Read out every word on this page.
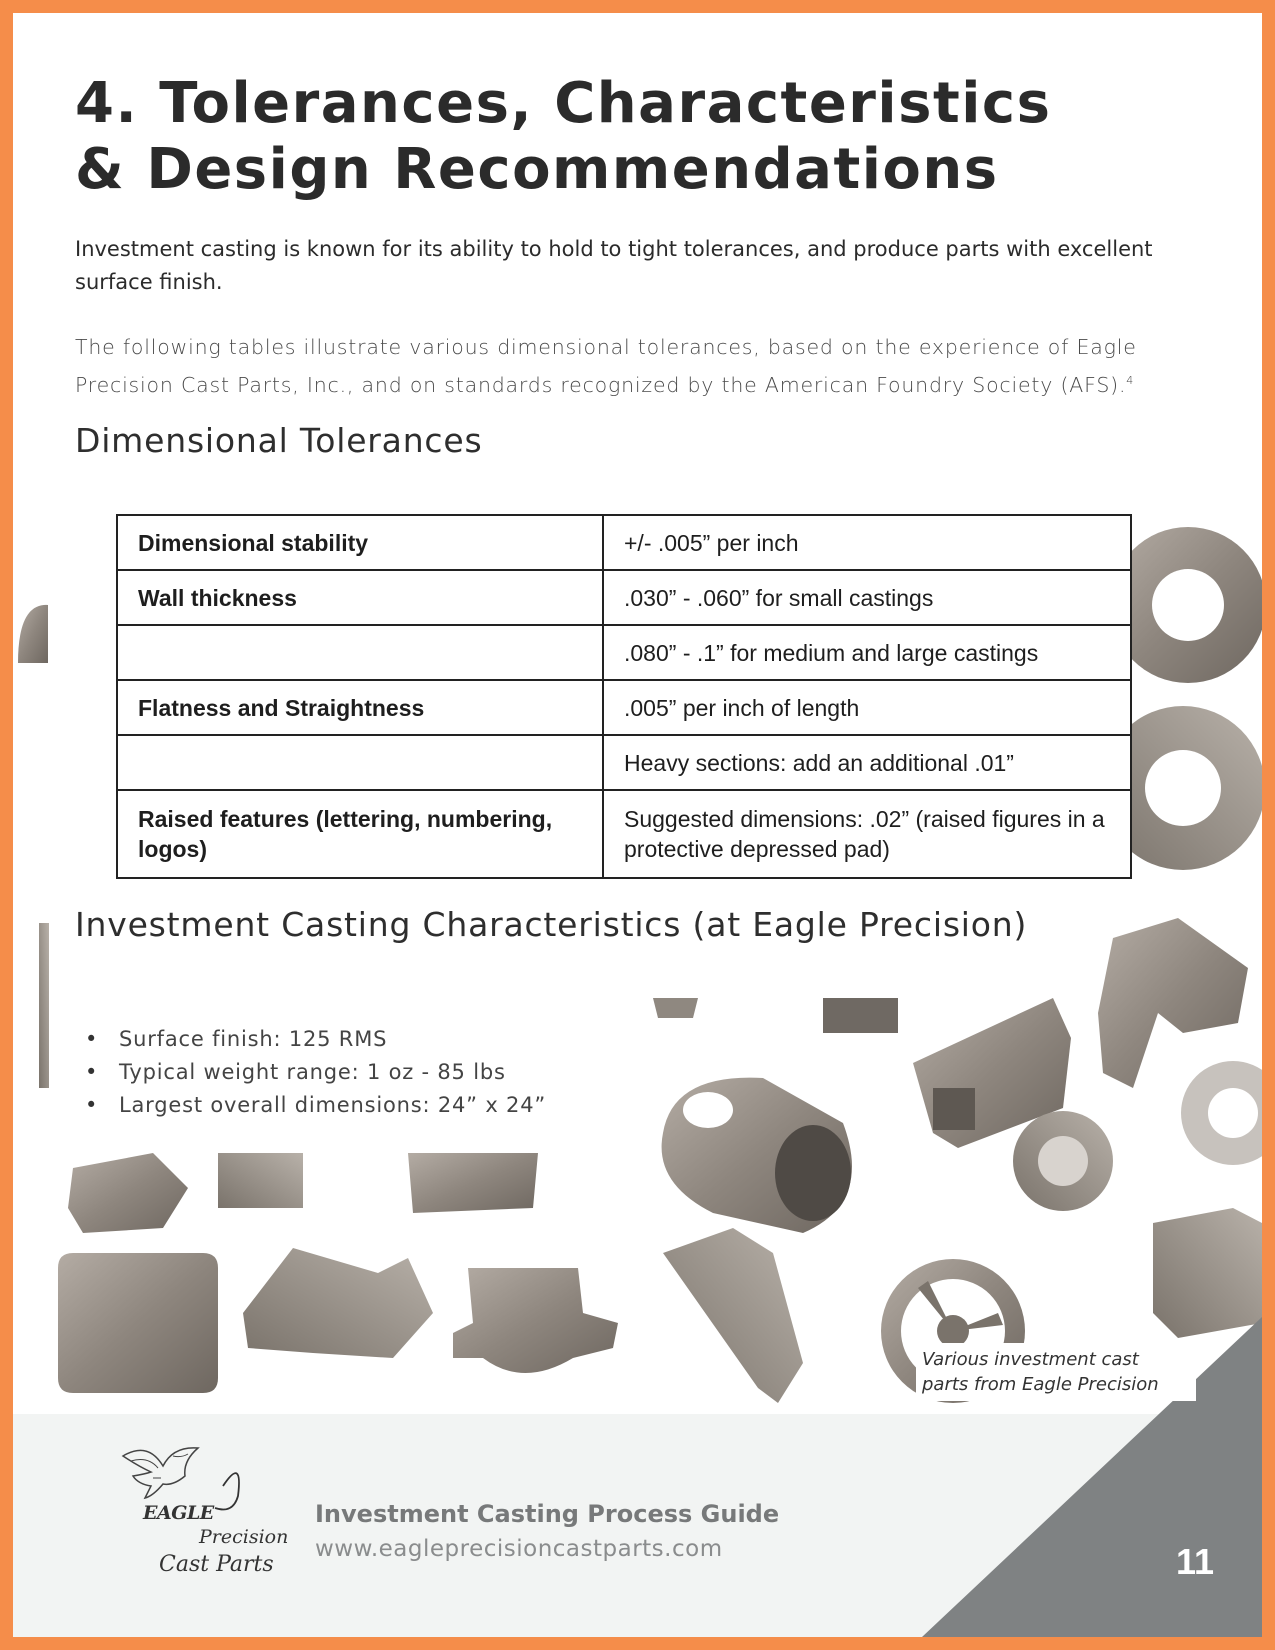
4. Tolerances, Characteristics
& Design Recommendations

Investment casting is known for its ability to hold to tight tolerances, and produce parts with excellent surface finish.

The following tables illustrate various dimensional tolerances, based on the experience of Eagle Precision Cast Parts, Inc., and on standards recognized by the American Foundry Society (AFS).$^4$

Dimensional Tolerances
Dimensional stability	+/- .005” per inch
Wall thickness	.030” - .060” for small castings
	.080” - .1” for medium and large castings
Flatness and Straightness	.005” per inch of length
	Heavy sections: add an additional .01”
Raised features (lettering, numbering, logos)	Suggested dimensions: .02” (raised figures in a protective depressed pad)
Investment Casting Characteristics (at Eagle Precision)
• Surface finish: 125 RMS
• Typical weight range: 1 oz - 85 lbs
• Largest overall dimensions: 24” x 24”
Various investment cast parts from Eagle Precision
EAGLE
Precision
Cast Parts

Investment Casting Process Guide

www.eagleprecisioncastparts.com	11
